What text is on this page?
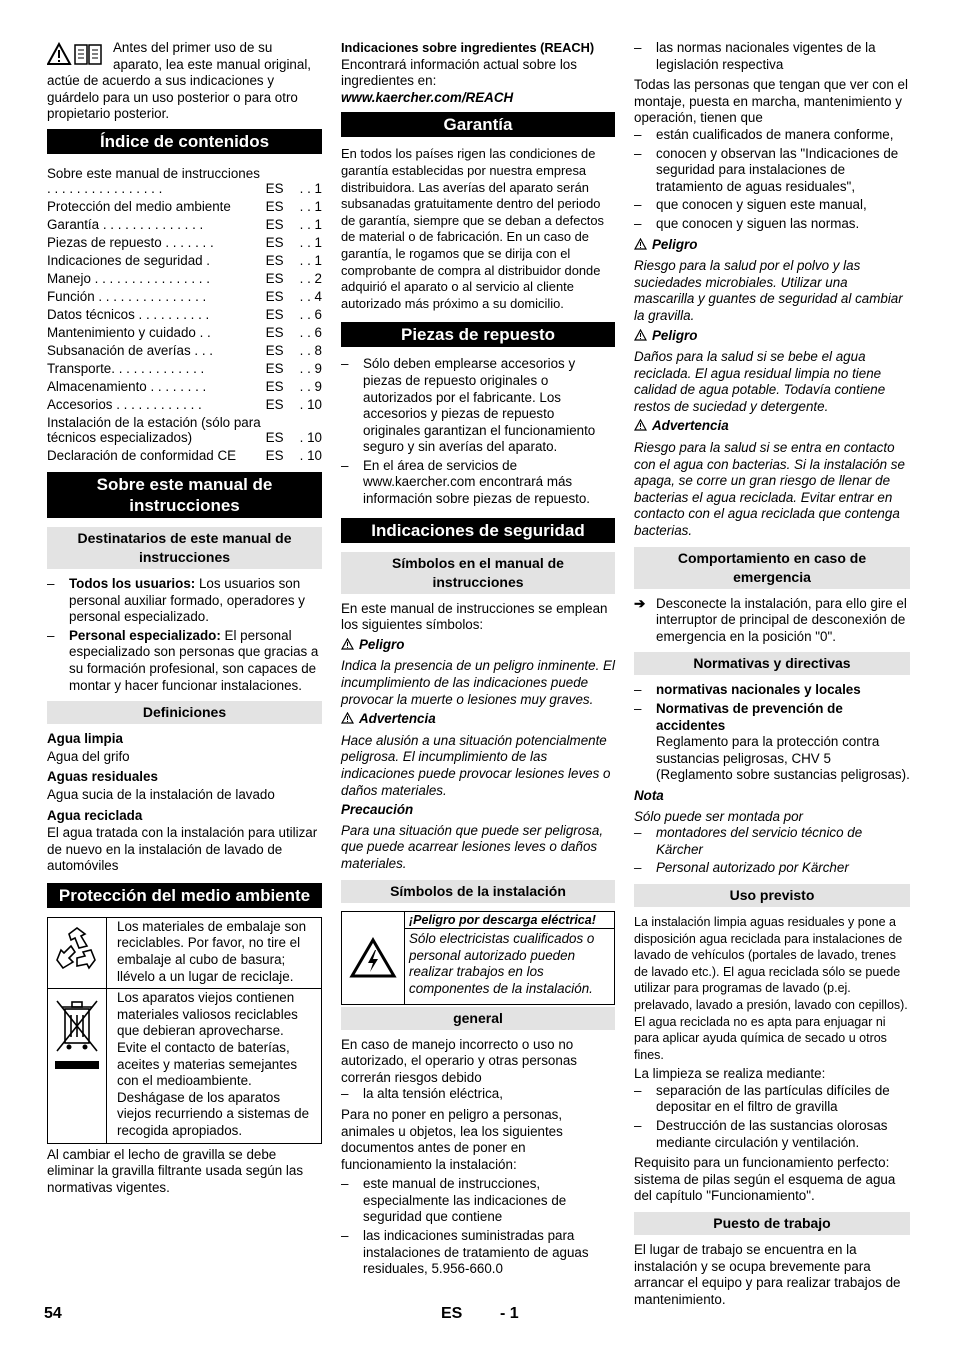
Antes del primer uso de su aparato, lea este manual original, actúe de acuerdo a sus indicaciones y guárdelo para un uso posterior o para otro propietario posterior.

Índice de contenidos
Sobre este manual de instrucciones . . . . . . . . . . . . . . . .	ES	. . 1
Protección del medio ambiente	ES	. . 1
Garantía . . . . . . . . . . . . . .	ES	. . 1
Piezas de repuesto . . . . . . .	ES	. . 1
Indicaciones de seguridad .	ES	. . 1
Manejo . . . . . . . . . . . . . . . .	ES	. . 2
Función . . . . . . . . . . . . . . .	ES	. . 4
Datos técnicos . . . . . . . . . .	ES	. . 6
Mantenimiento y cuidado . .	ES	. . 6
Subsanación de averías . . .	ES	. . 8
Transporte. . . . . . . . . . . . .	ES	. . 9
Almacenamiento . . . . . . . .	ES	. . 9
Accesorios . . . . . . . . . . . .	ES	. 10
Instalación de la estación (sólo para técnicos especializados)	ES	. 10
Declaración de conformidad CE	ES	. 10
Sobre este manual de instrucciones
Destinatarios de este manual de instrucciones
– Todos los usuarios: Los usuarios son personal auxiliar formado, operadores y personal especializado.
– Personal especializado: El personal especializado son personas que gracias a su formación profesional, son capaces de montar y hacer funcionar instalaciones.
Definiciones
Agua limpia

Agua del grifo

Aguas residuales

Agua sucia de la instalación de lavado

Agua reciclada

El agua tratada con la instalación para utilizar de nuevo en la instalación de lavado de automóviles

Protección del medio ambiente
Los materiales de embalaje son reciclables. Por favor, no tire el embalaje al cubo de basura; llévelo a un lugar de reciclaje.
Los aparatos viejos contienen materiales valiosos reciclables que debieran aprovecharse. Evite el contacto de baterías, aceites y materias semejantes con el medioambiente. Deshágase de los aparatos viejos recurriendo a sistemas de recogida apropiados.

Al cambiar el lecho de gravilla se debe eliminar la gravilla filtrante usada según las normativas vigentes.

Indicaciones sobre ingredientes (REACH)

Encontrará información actual sobre los ingredientes en:

www.kaercher.com/REACH
Garantía

En todos los países rigen las condiciones de garantía establecidas por nuestra empresa distribuidora. Las averías del aparato serán subsanadas gratuitamente dentro del periodo de garantía, siempre que se deban a defectos de material o de fabricación. En un caso de garantía, le rogamos que se dirija con el comprobante de compra al distribuidor donde adquirió el aparato o al servicio al cliente autorizado más próximo a su domicilio.

Piezas de repuesto
– Sólo deben emplearse accesorios y piezas de repuesto originales o autorizados por el fabricante. Los accesorios y piezas de repuesto originales garantizan el funcionamiento seguro y sin averías del aparato.
– En el área de servicios de www.kaercher.com encontrará más información sobre piezas de repuesto.
Indicaciones de seguridad
Símbolos en el manual de instrucciones

En este manual de instrucciones se emplean los siguientes símbolos:

Peligro

Indica la presencia de un peligro inminente. El incumplimiento de las indicaciones puede provocar la muerte o lesiones muy graves.

Advertencia

Hace alusión a una situación potencialmente peligrosa. El incumplimiento de las indicaciones puede provocar lesiones leves o daños materiales.

Precaución

Para una situación que puede ser peligrosa, que puede acarrear lesiones leves o daños materiales.

Símbolos de la instalación
¡Peligro por descarga eléctrica!
Sólo electricistas cualificados o personal autorizado pueden realizar trabajos en los componentes de la instalación.
general

En caso de manejo incorrecto o uso no autorizado, el operario y otras personas correrán riesgos debido

– la alta tensión eléctrica,

Para no poner en peligro a personas, animales u objetos, lea los siguientes documentos antes de poner en funcionamiento la instalación:

– este manual de instrucciones, especialmente las indicaciones de seguridad que contiene
– las indicaciones suministradas para instalaciones de tratamiento de aguas residuales, 5.956-660.0
– las normas nacionales vigentes de la legislación respectiva

Todas las personas que tengan que ver con el montaje, puesta en marcha, mantenimiento y operación, tienen que

– están cualificados de manera conforme,
– conocen y observan las "Indicaciones de seguridad para instalaciones de tratamiento de aguas residuales",
– que conocen y siguen este manual,
– que conocen y siguen las normas.
Peligro

Riesgo para la salud por el polvo y las suciedades microbiales. Utilizar una mascarilla y guantes de seguridad al cambiar la gravilla.

Peligro

Daños para la salud si se bebe el agua reciclada. El agua residual limpia no tiene calidad de agua potable. Todavía contiene restos de suciedad y detergente.

Advertencia

Riesgo para la salud si se entra en contacto con el agua con bacterias. Si la instalación se apaga, se corre un gran riesgo de llenar de bacterias el agua reciclada. Evitar entrar en contacto con el agua reciclada que contenga bacterias.

Comportamiento en caso de emergencia
➔ Desconecte la instalación, para ello gire el interruptor de principal de desconexión de emergencia en la posición "0".
Normativas y directivas
– normativas nacionales y locales
– Normativas de prevención de accidentes
Reglamento para la protección contra sustancias peligrosas, CHV 5 (Reglamento sobre sustancias peligrosas).
Nota

Sólo puede ser montada por

– montadores del servicio técnico de Kärcher
– Personal autorizado por Kärcher
Uso previsto

La instalación limpia aguas residuales y pone a disposición agua reciclada para instalaciones de lavado de vehículos (portales de lavado, trenes de lavado etc.). El agua reciclada sólo se puede utilizar para programas de lavado (p.ej. prelavado, lavado a presión, lavado con cepillos). El agua reciclada no es apta para enjuagar ni para aplicar ayuda química de secado u otros fines.

La limpieza se realiza mediante:

– separación de las partículas difíciles de depositar en el filtro de gravilla
– Destrucción de las sustancias olorosas mediante circulación y ventilación.

Requisito para un funcionamiento perfecto: sistema de pilas según el esquema de agua del capítulo "Funcionamiento".

Puesto de trabajo

El lugar de trabajo se encuentra en la instalación y se ocupa brevemente para arrancar el equipo y para realizar trabajos de mantenimiento.

54	ES - 1
